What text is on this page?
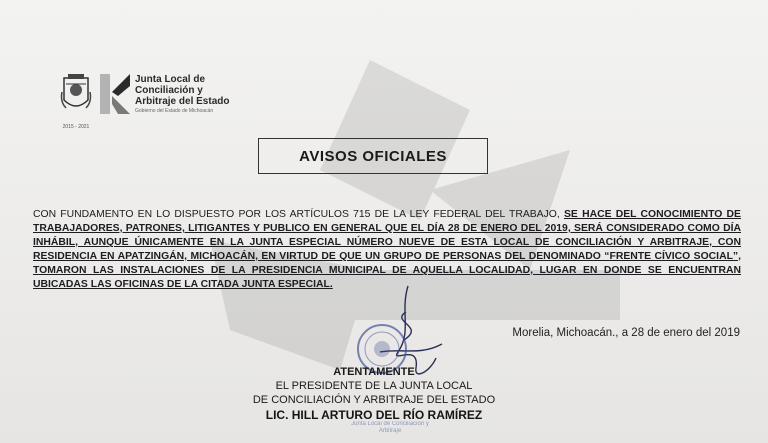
2015 - 2021
Junta Local de
Conciliación y
Arbitraje del Estado
Gobierno del Estado de Michoacán
AVISOS OFICIALES
CON FUNDAMENTO EN LO DISPUESTO POR LOS ARTÍCULOS 715 DE LA LEY FEDERAL DEL TRABAJO, SE HACE DEL CONOCIMIENTO DE TRABAJADORES, PATRONES, LITIGANTES Y PUBLICO EN GENERAL QUE EL DÍA 28 DE ENERO DEL 2019, SERÁ CONSIDERADO COMO DÍA INHÁBIL, AUNQUE ÚNICAMENTE EN LA JUNTA ESPECIAL NÚMERO NUEVE DE ESTA LOCAL DE CONCILIACIÓN Y ARBITRAJE, CON RESIDENCIA EN APATZINGÁN, MICHOACÁN, EN VIRTUD DE QUE UN GRUPO DE PERSONAS DEL DENOMINADO “FRENTE CÍVICO SOCIAL”, TOMARON LAS INSTALACIONES DE LA PRESIDENCIA MUNICIPAL DE AQUELLA LOCALIDAD, LUGAR EN DONDE SE ENCUENTRAN UBICADAS LAS OFICINAS DE LA CITADA JUNTA ESPECIAL.
Morelia, Michoacán., a 28 de enero del 2019
ATENTAMENTE
EL PRESIDENTE DE LA JUNTA LOCAL
DE CONCILIACIÓN Y ARBITRAJE DEL ESTADO
LIC. HILL ARTURO DEL RÍO RAMÍREZ
Junta Local de Conciliación y Arbitraje
